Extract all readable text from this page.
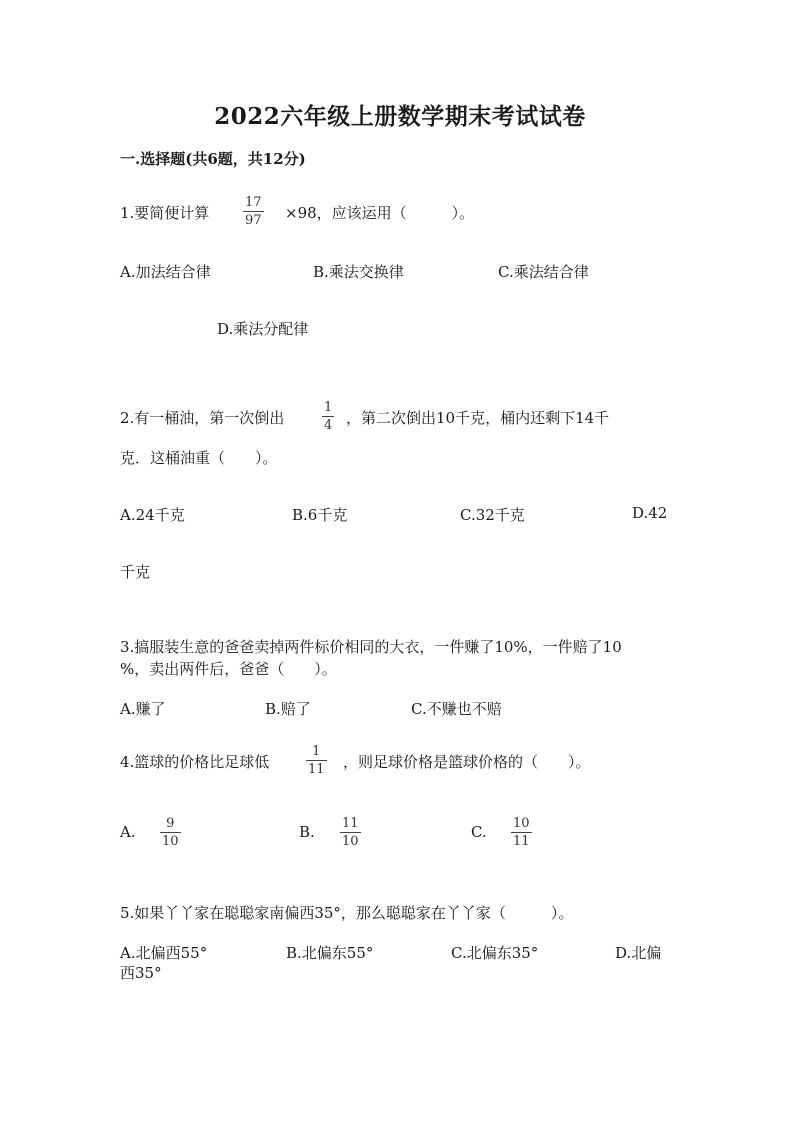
2022六年级上册数学期末考试试卷
一.选择题(共6题，共12分)
1.要简便计算
17
97 ×98，应该运用（　　　）。
A.加法结合律	B.乘法交换律	C.乘法结合律
D.乘法分配律
2.有一桶油，第一次倒出
1
4 ，第二次倒出10千克，桶内还剩下14千
克．这桶油重（　　）。
A.24千克	B.6千克	C.32千克	D.42
千克
3.搞服装生意的爸爸卖掉两件标价相同的大衣，一件赚了10%，一件赔了10
%，卖出两件后，爸爸（　　）。
A.赚了	B.赔了	C.不赚也不赔
4.篮球的价格比足球低
1
11 ，则足球价格是篮球价格的（　　）。
A. 9
10
B. 11
10
C. 10
11
5.如果丫丫家在聪聪家南偏西35°，那么聪聪家在丫丫家（　　　）。
A.北偏西55°	B.北偏东55°	C.北偏东35°	D.北偏
西35°
